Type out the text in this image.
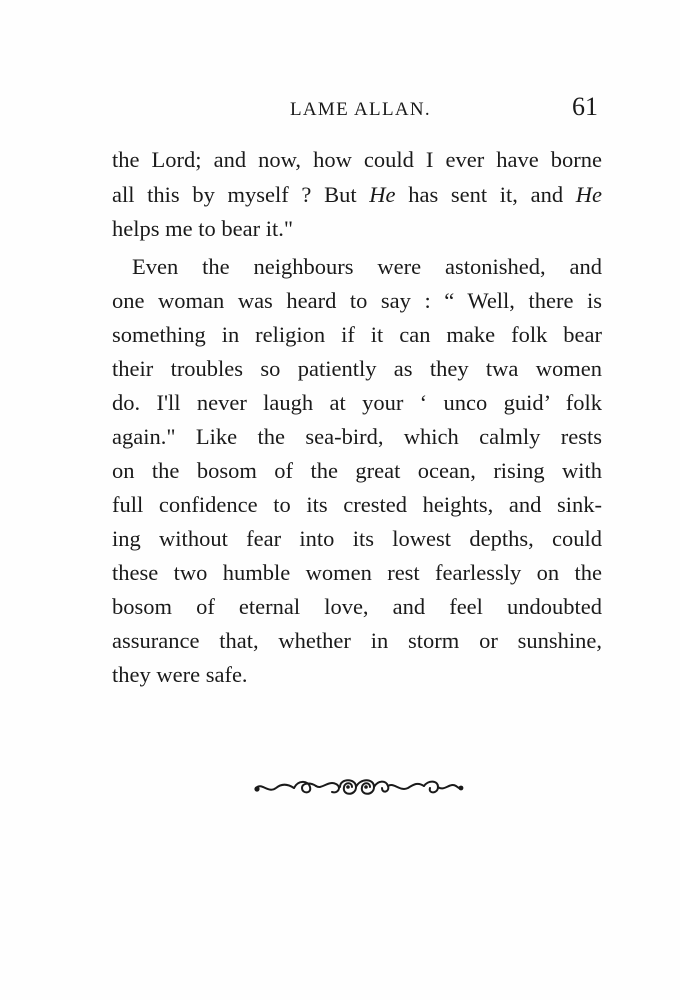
LAME ALLAN.	61
the Lord; and now, how could I ever have borne
all this by myself ? But He has sent it, and He
helps me to bear it."
Even the neighbours were astonished, and
one woman was heard to say : “ Well, there is
something in religion if it can make folk bear
their troubles so patiently as they twa women
do. I'll never laugh at your ‘ unco guid’ folk
again." Like the sea-bird, which calmly rests
on the bosom of the great ocean, rising with
full confidence to its crested heights, and sink-
ing without fear into its lowest depths, could
these two humble women rest fearlessly on the
bosom of eternal love, and feel undoubted
assurance that, whether in storm or sunshine,
they were safe.
